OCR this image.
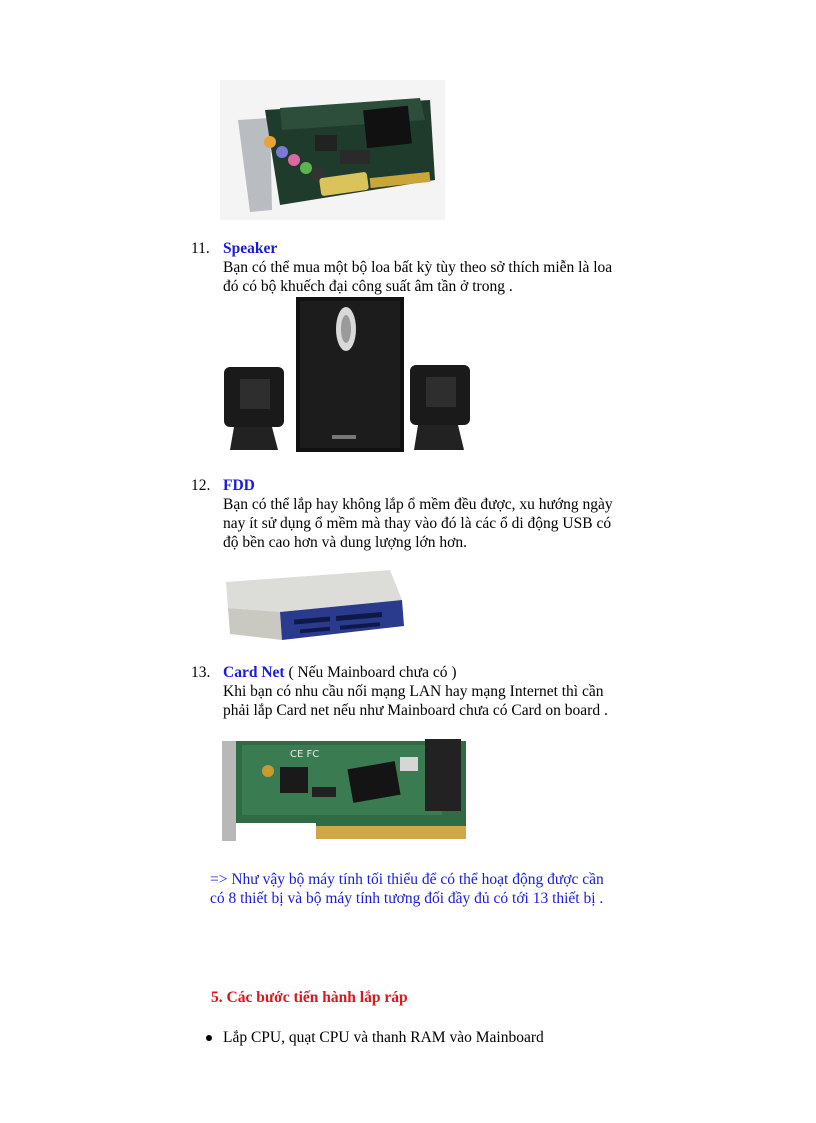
11. Speaker
Bạn có thể mua một bộ loa bất kỳ tùy theo sở thích miễn là loa
đó có bộ khuếch đại công suất âm tần ở trong .
12. FDD
Bạn có thể lắp hay không lắp ổ mềm đều được, xu hướng ngày
nay ít sử dụng ổ mềm mà thay vào đó là các ổ di động USB có
độ bền cao hơn và dung lượng lớn hơn.
13. Card Net ( Nếu Mainboard chưa có )
Khi bạn có nhu cầu nối mạng LAN hay mạng Internet thì cần
phải lắp Card net nếu như Mainboard chưa có Card on board .
CE FC
=> Như vậy bộ máy tính tối thiểu để có thể hoạt động được cần
có 8 thiết bị và bộ máy tính tương đối đầy đủ có tới 13 thiết bị .
5. Các bước tiến hành lắp ráp
Lắp CPU, quạt CPU và thanh RAM vào Mainboard
